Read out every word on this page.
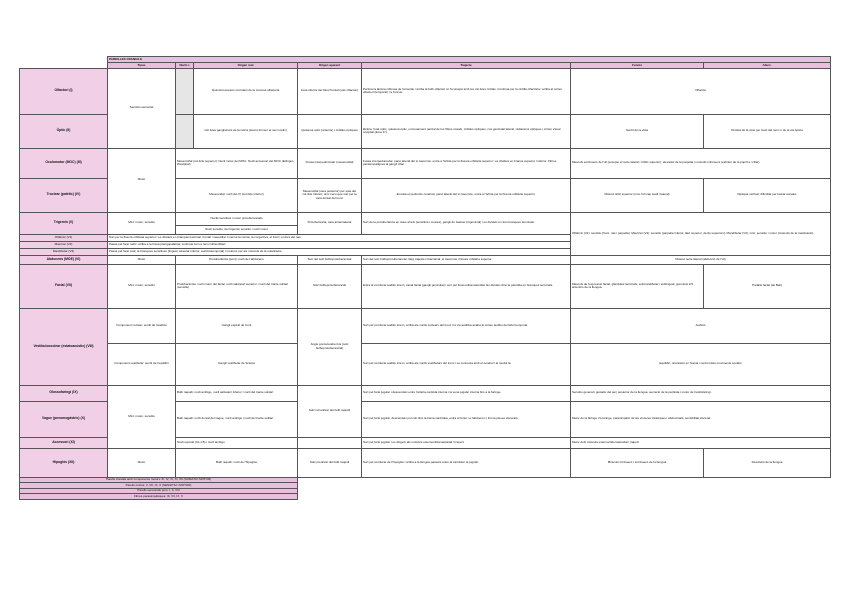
	PAREILLES CRANIALE						
	Tipus	Nucli o	Origen real	Origen aparent	Trajecte	Funció	Afecc.
Olfactori (I)	Sensitiu sensorial		Quimiorreceptors cel·lulars de la mucosa olfactòria	Cara inferior del lòbul frontal (solc olfactori)	Perfora la làmina cribrosa de l'etmoide i arriba al bulb olfactori on fa sinapsi amb les cèl·lules mitrals. Continua per la cintilla olfactòria i arriba al còrtex olfactori (temporal) i a l'uncus.	Olfacció	
Òptic (II)			Cèl·lules ganglionars de la retina (axons formen el nervi òptic)	Quiasma òptic (anterior) i cintilles òptiques	Retina, forat òptic, quiasma òptic, encreuament parcial de les fibres nasals, cintilles òptiques, cos geniculat lateral, radiacions òptiques i còrtex visual occipital (àrea 17).	Sentit de la vista	Pèrdua de la visió per lesió del nervi o de la via òptica
Oculomotor (MOC) (III)	Motor	Mesencèfal (col·licle superior): Nucli motor del MOC. Nucli accessori del MOC (Edinger-Westphal)		Fossa interpeduncular (mesencèfal)	Fossa interpeduncular, paret lateral del si cavernós, entra a l'òrbita per la fissura orbitària superior i es divideix en branca superior i inferior. Fibres parasimpàtiques al gangli ciliar.	Músculs extrínsecs de l'ull (excepte el recte lateral i l'oblic superior), elevador de la parpella i músculs intrínsecs (esfínter de la pupil·la i ciliar).	
Troclear (patètic) (IV)		Mesencèfal: nucli del IV (col·licle inferior)		Mesencèfal (cara posterior) per sota del col·licle inferior, únic nervi que surt per la cara dorsal del tronc	Envolta el peduncle cerebral, paret lateral del si cavernós, entra a l'òrbita per la fissura orbitària superior.	Múscul oblic superior (mou l'ull cap avall i lateral)	Diplopia vertical, dificultat per baixar escales
Trigemin (V)	Mixt: motor, sensitiu	Nuclis sensitius i motor protuberancials		Protuberància, cara anterolateral	Surt de la protuberància en dues arrels (sensitiva i motora), gangli de Gasser (trigeminal) i es divideix en tres branques terminals.	Oftàlmic (V1): sensitiu (front, nas i parpella). Maxil·lar (V2): sensitiu (parpella inferior, llavi superior, dents superiors). Mandibular (V3): mixt, sensitiu i motor (músculs de la masticació).	
		Nucli sensitiu, del trigemin sensitiu i nucli motor					
Oftàlmic (V1)	Surt per la fissura orbitària superior i es divideix en branques lacrimal, frontal i nasociliar. Innerva la còrnia, la conjuntiva, el front i el dors del nas.						
Maxil·lar (V2)	Passa pel forat rodó i arriba a la fossa pterigopalatina; continua com a nervi infraorbitari.						
Mandibular (V3)	Passa pel forat oval; té branques sensitives (lingual, alveolar inferior, auriculotemporal) i motores per als músculs de la masticació.						
Abducens (MOE) (VI)	Motor	Protuberància (pont): nucli de l'abducens		Surt del solc bulboprotuberancial	Surt del solc bulboprotuberancial, llarg trajecte intracranial, si cavernós i fissura orbitària superior.	Múscul recte lateral (abducció de l'ull)	
Facial (VII)	Mixt: motor, sensitiu	Protuberància: nucli motor del facial, nucli salivatori superior i nucli del tracte solitari (sensitiu)		Solc bulboprotuberancial	Entra al conducte auditiu intern, canal facial (gangli geniculat) i surt pel forat estilomastoïdal. Es divideix dins la paròtida en branques terminals.	Músculs de l'expressió facial, glàndules lacrimals, submandibular i sublingual; gust dels 2/3 anteriors de la llengua.	Paràlisi facial (de Bell)
Vestibulococlear (estatoacústic) (VIII)	Component coclear: sentit de l'audició	Gangli espiral de Corti		Angle pontocerebel·lós (solc bulboprotuberancial)	Surt pel conducte auditiu intern, arriba als nuclis coclears del tronc i la via auditiva acaba al còrtex auditiu del lòbul temporal.	Audició	
	Component vestibular: sentit de l'equilibri	Gangli vestibular de Scarpa			Surt pel conducte auditiu intern, arriba als nuclis vestibulars del tronc i es connecta amb el cerebel i la medul·la.	Equilibri, orientació en l'espai i control dels moviments oculars	
Glossofaringi (IX)	Mixt: motor, sensitiu	Bulb raquidi: nucli ambigu, nucli salivatori inferior i nucli del tracte solitari		Solc retroolivar del bulb raquidi	Surt pel forat jugular i descendeix entre l'artèria caròtida interna i la vena jugular interna fins a la faringe.	Sensitiu general i gustatiu del terç posterior de la llengua, secreció de la paròtida i motor de l'estilofaringi.	
Vague (pneumogàstric) (X)		Bulb raquidi: nucli dorsal del vague, nucli ambigu i nucli del tracte solitari			Surt pel forat jugular, descendeix pel coll dins la beina caròtidea, entra al tòrax i a l'abdomen i forma plexes viscerals.	Motor de la faringe i la laringe, parasimpàtic de les vísceres toràciques i abdominals; sensibilitat visceral.	
Accessori (XI)		Nucli espinal (C1-C5) i nucli ambigu			Surt pel forat jugular i es dirigeix als músculs esternoclidomastoidal i trapezi.	Motor dels músculs esternoclidomastoidal i trapezi	
Hipoglòs (XII)	Motor	Bulb raquidi: nucli de l'hipoglòs		Solc preolivar del bulb raquidi	Surt pel conducte de l'hipoglòs i arriba a la llengua passant entre la caròtida i la jugular.	Músculs intrínsecs i extrínsecs de la llengua	Desviació de la llengua
Parells cranials amb components motors: III, IV, VI, XI, XII (SOMÀTIC MOTOR)							
Parells mixtos: V, VII, IX, X (SENSITIU I MOTOR)							
Parells sensorials purs: I, II, VIII							
Fibres parasimpàtiques: III, VII, IX, X							
